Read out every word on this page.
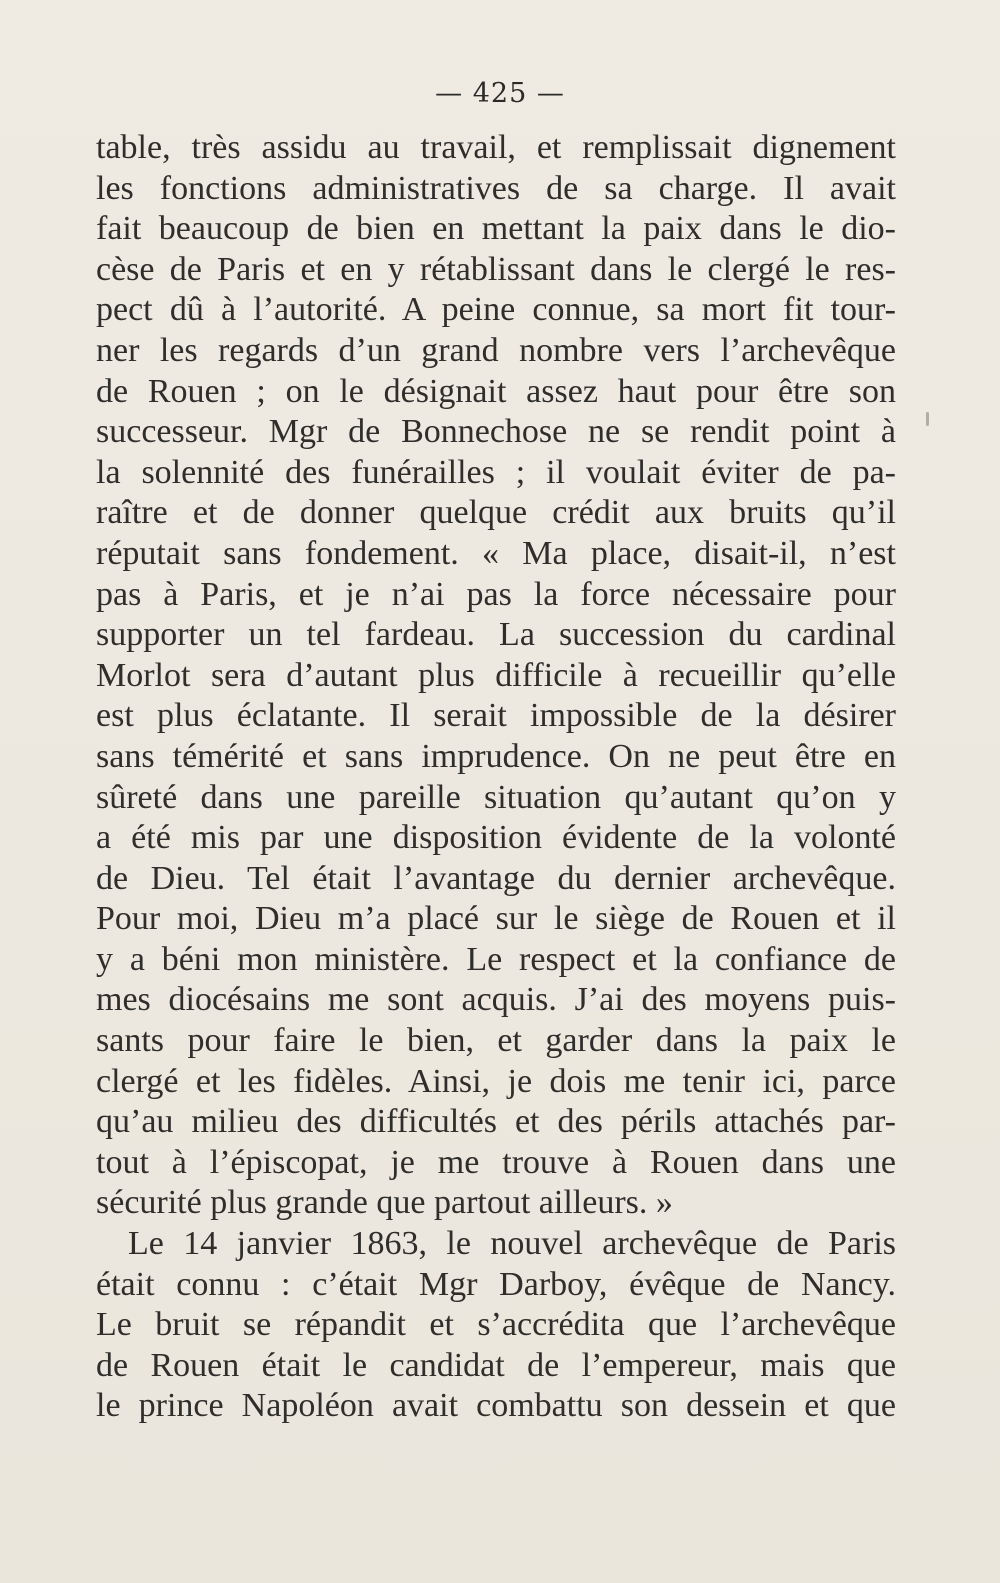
— 425 —
table, très assidu au travail, et remplissait dignement
les fonctions administratives de sa charge. Il avait
fait beaucoup de bien en mettant la paix dans le dio-
cèse de Paris et en y rétablissant dans le clergé le res-
pect dû à l’autorité. A peine connue, sa mort fit tour-
ner les regards d’un grand nombre vers l’archevêque
de Rouen ; on le désignait assez haut pour être son
successeur. Mgr de Bonnechose ne se rendit point à
la solennité des funérailles ; il voulait éviter de pa-
raître et de donner quelque crédit aux bruits qu’il
réputait sans fondement. « Ma place, disait-il, n’est
pas à Paris, et je n’ai pas la force nécessaire pour
supporter un tel fardeau. La succession du cardinal
Morlot sera d’autant plus difficile à recueillir qu’elle
est plus éclatante. Il serait impossible de la désirer
sans témérité et sans imprudence. On ne peut être en
sûreté dans une pareille situation qu’autant qu’on y
a été mis par une disposition évidente de la volonté
de Dieu. Tel était l’avantage du dernier archevêque.
Pour moi, Dieu m’a placé sur le siège de Rouen et il
y a béni mon ministère. Le respect et la confiance de
mes diocésains me sont acquis. J’ai des moyens puis-
sants pour faire le bien, et garder dans la paix le
clergé et les fidèles. Ainsi, je dois me tenir ici, parce
qu’au milieu des difficultés et des périls attachés par-
tout à l’épiscopat, je me trouve à Rouen dans une
sécurité plus grande que partout ailleurs. »
Le 14 janvier 1863, le nouvel archevêque de Paris
était connu : c’était Mgr Darboy, évêque de Nancy.
Le bruit se répandit et s’accrédita que l’archevêque
de Rouen était le candidat de l’empereur, mais que
le prince Napoléon avait combattu son dessein et que
